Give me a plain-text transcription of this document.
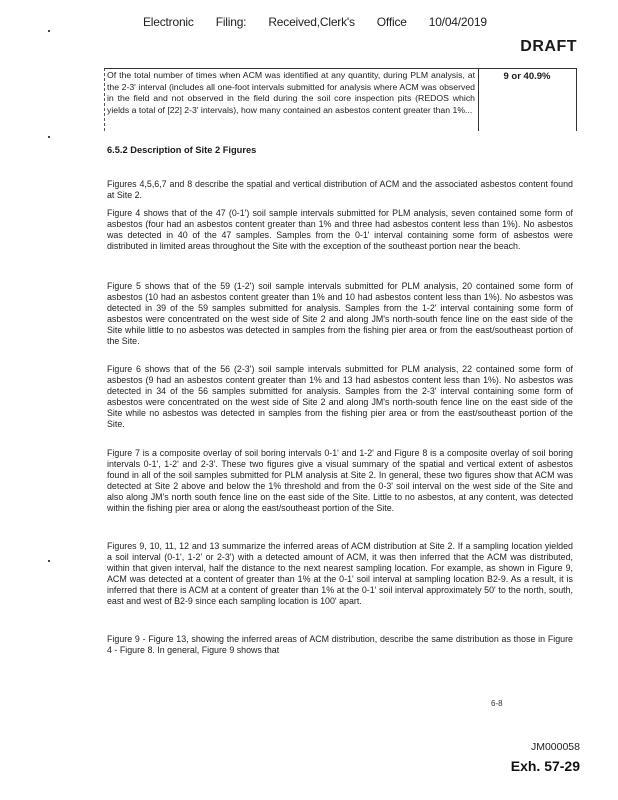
Electronic Filing: Received,Clerk's Office 10/04/2019
DRAFT
Of the total number of times when ACM was identified at any quantity, during PLM analysis, at the 2-3' interval (includes all one-foot intervals submitted for analysis where ACM was observed in the field and not observed in the field during the soil core inspection pits (REDOS which yields a total of [22] 2-3' intervals), how many contained an asbestos content greater than 1%...
9 or 40.9%
6.5.2 Description of Site 2 Figures
Figures 4,5,6,7 and 8 describe the spatial and vertical distribution of ACM and the associated asbestos content found at Site 2.
Figure 4 shows that of the 47 (0-1') soil sample intervals submitted for PLM analysis, seven contained some form of asbestos (four had an asbestos content greater than 1% and three had asbestos content less than 1%). No asbestos was detected in 40 of the 47 samples. Samples from the 0-1' interval containing some form of asbestos were distributed in limited areas throughout the Site with the exception of the southeast portion near the beach.
Figure 5 shows that of the 59 (1-2') soil sample intervals submitted for PLM analysis, 20 contained some form of asbestos (10 had an asbestos content greater than 1% and 10 had asbestos content less than 1%). No asbestos was detected in 39 of the 59 samples submitted for analysis. Samples from the 1-2' interval containing some form of asbestos were concentrated on the west side of Site 2 and along JM's north-south fence line on the east side of the Site while little to no asbestos was detected in samples from the fishing pier area or from the east/southeast portion of the Site.
Figure 6 shows that of the 56 (2-3') soil sample intervals submitted for PLM analysis, 22 contained some form of asbestos (9 had an asbestos content greater than 1% and 13 had asbestos content less than 1%). No asbestos was detected in 34 of the 56 samples submitted for analysis. Samples from the 2-3' interval containing some form of asbestos were concentrated on the west side of Site 2 and along JM's north-south fence line on the east side of the Site while no asbestos was detected in samples from the fishing pier area or from the east/southeast portion of the Site.
Figure 7 is a composite overlay of soil boring intervals 0-1' and 1-2' and Figure 8 is a composite overlay of soil boring intervals 0-1', 1-2' and 2-3'. These two figures give a visual summary of the spatial and vertical extent of asbestos found in all of the soil samples submitted for PLM analysis at Site 2. In general, these two figures show that ACM was detected at Site 2 above and below the 1% threshold and from the 0-3' soil interval on the west side of the Site and also along JM's north south fence line on the east side of the Site. Little to no asbestos, at any content, was detected within the fishing pier area or along the east/southeast portion of the Site.
Figures 9, 10, 11, 12 and 13 summarize the inferred areas of ACM distribution at Site 2. If a sampling location yielded a soil interval (0-1', 1-2' or 2-3') with a detected amount of ACM, it was then inferred that the ACM was distributed, within that given interval, half the distance to the next nearest sampling location. For example, as shown in Figure 9, ACM was detected at a content of greater than 1% at the 0-1' soil interval at sampling location B2-9. As a result, it is inferred that there is ACM at a content of greater than 1% at the 0-1' soil interval approximately 50' to the north, south, east and west of B2-9 since each sampling location is 100' apart.
Figure 9 - Figure 13, showing the inferred areas of ACM distribution, describe the same distribution as those in Figure 4 - Figure 8. In general, Figure 9 shows that
6-8
JM000058
Exh. 57-29
